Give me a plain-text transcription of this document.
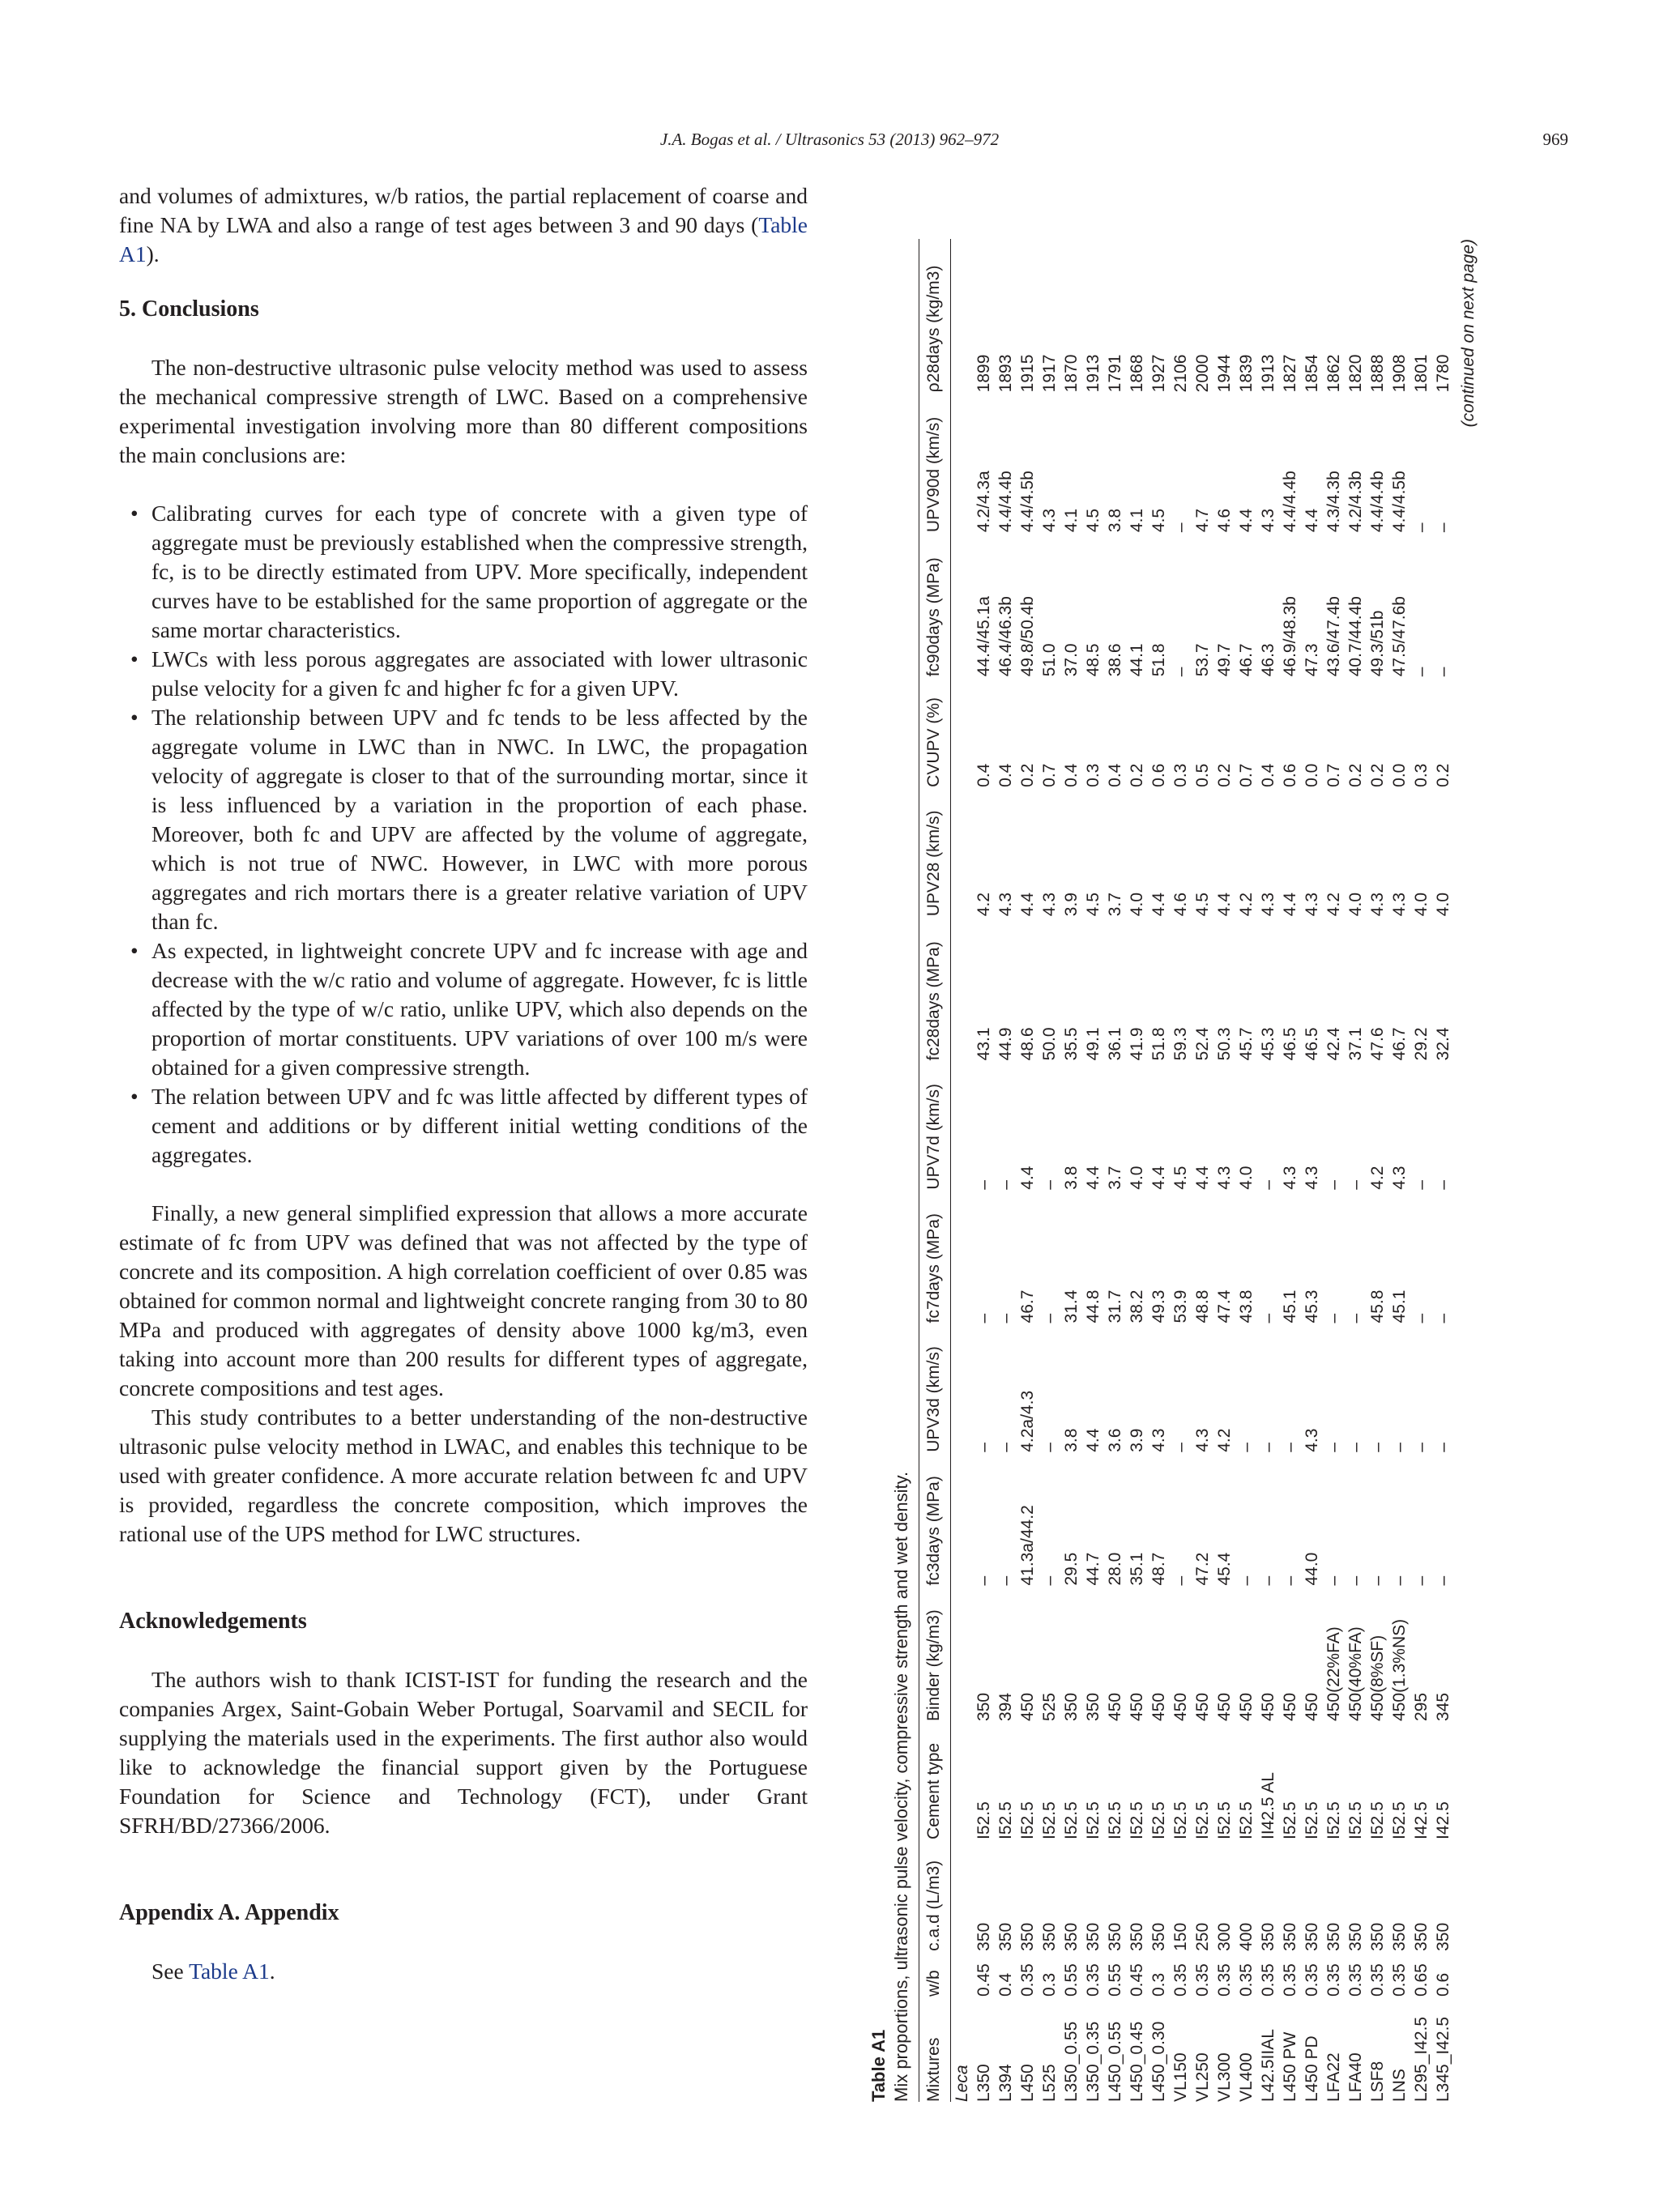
J.A. Bogas et al. / Ultrasonics 53 (2013) 962–972	969

and volumes of admixtures, w/b ratios, the partial replacement of coarse and fine NA by LWA and also a range of test ages between 3 and 90 days (Table A1).

5. Conclusions

The non-destructive ultrasonic pulse velocity method was used to assess the mechanical compressive strength of LWC. Based on a comprehensive experimental investigation involving more than 80 different compositions the main conclusions are:

• Calibrating curves for each type of concrete with a given type of aggregate must be previously established when the compressive strength, fc, is to be directly estimated from UPV. More specifically, independent curves have to be established for the same proportion of aggregate or the same mortar characteristics.
• LWCs with less porous aggregates are associated with lower ultrasonic pulse velocity for a given fc and higher fc for a given UPV.
• The relationship between UPV and fc tends to be less affected by the aggregate volume in LWC than in NWC. In LWC, the propagation velocity of aggregate is closer to that of the surrounding mortar, since it is less influenced by a variation in the proportion of each phase. Moreover, both fc and UPV are affected by the volume of aggregate, which is not true of NWC. However, in LWC with more porous aggregates and rich mortars there is a greater relative variation of UPV than fc.
• As expected, in lightweight concrete UPV and fc increase with age and decrease with the w/c ratio and volume of aggregate. However, fc is little affected by the type of w/c ratio, unlike UPV, which also depends on the proportion of mortar constituents. UPV variations of over 100 m/s were obtained for a given compressive strength.
• The relation between UPV and fc was little affected by different types of cement and additions or by different initial wetting conditions of the aggregates.

Finally, a new general simplified expression that allows a more accurate estimate of fc from UPV was defined that was not affected by the type of concrete and its composition. A high correlation coefficient of over 0.85 was obtained for common normal and lightweight concrete ranging from 30 to 80 MPa and produced with aggregates of density above 1000 kg/m3, even taking into account more than 200 results for different types of aggregate, concrete compositions and test ages.

This study contributes to a better understanding of the non-destructive ultrasonic pulse velocity method in LWAC, and enables this technique to be used with greater confidence. A more accurate relation between fc and UPV is provided, regardless the concrete composition, which improves the rational use of the UPS method for LWC structures.

Acknowledgements

The authors wish to thank ICIST-IST for funding the research and the companies Argex, Saint-Gobain Weber Portugal, Soarvamil and SECIL for supplying the materials used in the experiments. The first author also would like to acknowledge the financial support given by the Portuguese Foundation for Science and Technology (FCT), under Grant SFRH/BD/27366/2006.

Appendix A. Appendix

See Table A1.

Table A1 Mix proportions, ultrasonic pulse velocity, compressive strength and wet density. Mixtures	w/b	c.a.d (L/m3)	Cement type	Binder (kg/m3)	fc3days (MPa)	UPV3d (km/s)	fc7days (MPa)	UPV7d (km/s)	fc28days (MPa)	UPV28 (km/s)	CVUPV (%)	fc90days (MPa)	UPV90d (km/s)	ρ28days (kg/m3)
Leca														
L350	0.45	350	I52.5	350	–	–	–	–	43.1	4.2	0.4	44.4/45.1a	4.2/4.3a	1899
L394	0.4	350	I52.5	394	–	–	–	–	44.9	4.3	0.4	46.4/46.3b	4.4/4.4b	1893
L450	0.35	350	I52.5	450	41.3a/44.2	4.2a/4.3	46.7	4.4	48.6	4.4	0.2	49.8/50.4b	4.4/4.5b	1915
L525	0.3	350	I52.5	525	–	–	–	–	50.0	4.3	0.7	51.0	4.3	1917
L350_0.55	0.55	350	I52.5	350	29.5	3.8	31.4	3.8	35.5	3.9	0.4	37.0	4.1	1870
L350_0.35	0.35	350	I52.5	350	44.7	4.4	44.8	4.4	49.1	4.5	0.3	48.5	4.5	1913
L450_0.55	0.55	350	I52.5	450	28.0	3.6	31.7	3.7	36.1	3.7	0.4	38.6	3.8	1791
L450_0.45	0.45	350	I52.5	450	35.1	3.9	38.2	4.0	41.9	4.0	0.2	44.1	4.1	1868
L450_0.30	0.3	350	I52.5	450	48.7	4.3	49.3	4.4	51.8	4.4	0.6	51.8	4.5	1927
VL150	0.35	150	I52.5	450	–	–	53.9	4.5	59.3	4.6	0.3	–	–	2106
VL250	0.35	250	I52.5	450	47.2	4.3	48.8	4.4	52.4	4.5	0.5	53.7	4.7	2000
VL300	0.35	300	I52.5	450	45.4	4.2	47.4	4.3	50.3	4.4	0.2	49.7	4.6	1944
VL400	0.35	400	I52.5	450	–	–	43.8	4.0	45.7	4.2	0.7	46.7	4.4	1839
L42.5IIAL	0.35	350	II42.5 AL	450	–	–	–	–	45.3	4.3	0.4	46.3	4.3	1913
L450 PW	0.35	350	I52.5	450	–	–	45.1	4.3	46.5	4.4	0.6	46.9/48.3b	4.4/4.4b	1827
L450 PD	0.35	350	I52.5	450	44.0	4.3	45.3	4.3	46.5	4.3	0.0	47.3	4.4	1854
LFA22	0.35	350	I52.5	450(22%FA)	–	–	–	–	42.4	4.2	0.7	43.6/47.4b	4.3/4.3b	1862
LFA40	0.35	350	I52.5	450(40%FA)	–	–	–	–	37.1	4.0	0.2	40.7/44.4b	4.2/4.3b	1820
LSF8	0.35	350	I52.5	450(8%SF)	–	–	45.8	4.2	47.6	4.3	0.2	49.3/51b	4.4/4.4b	1888
LNS	0.35	350	I52.5	450(1.3%NS)	–	–	45.1	4.3	46.7	4.3	0.0	47.5/47.6b	4.4/4.5b	1908
L295_I42.5	0.65	350	I42.5	295	–	–	–	–	29.2	4.0	0.3	–	–	1801
L345_I42.5	0.6	350	I42.5	345	–	–	–	–	32.4	4.0	0.2	–	–	1780 (continued on next page)
